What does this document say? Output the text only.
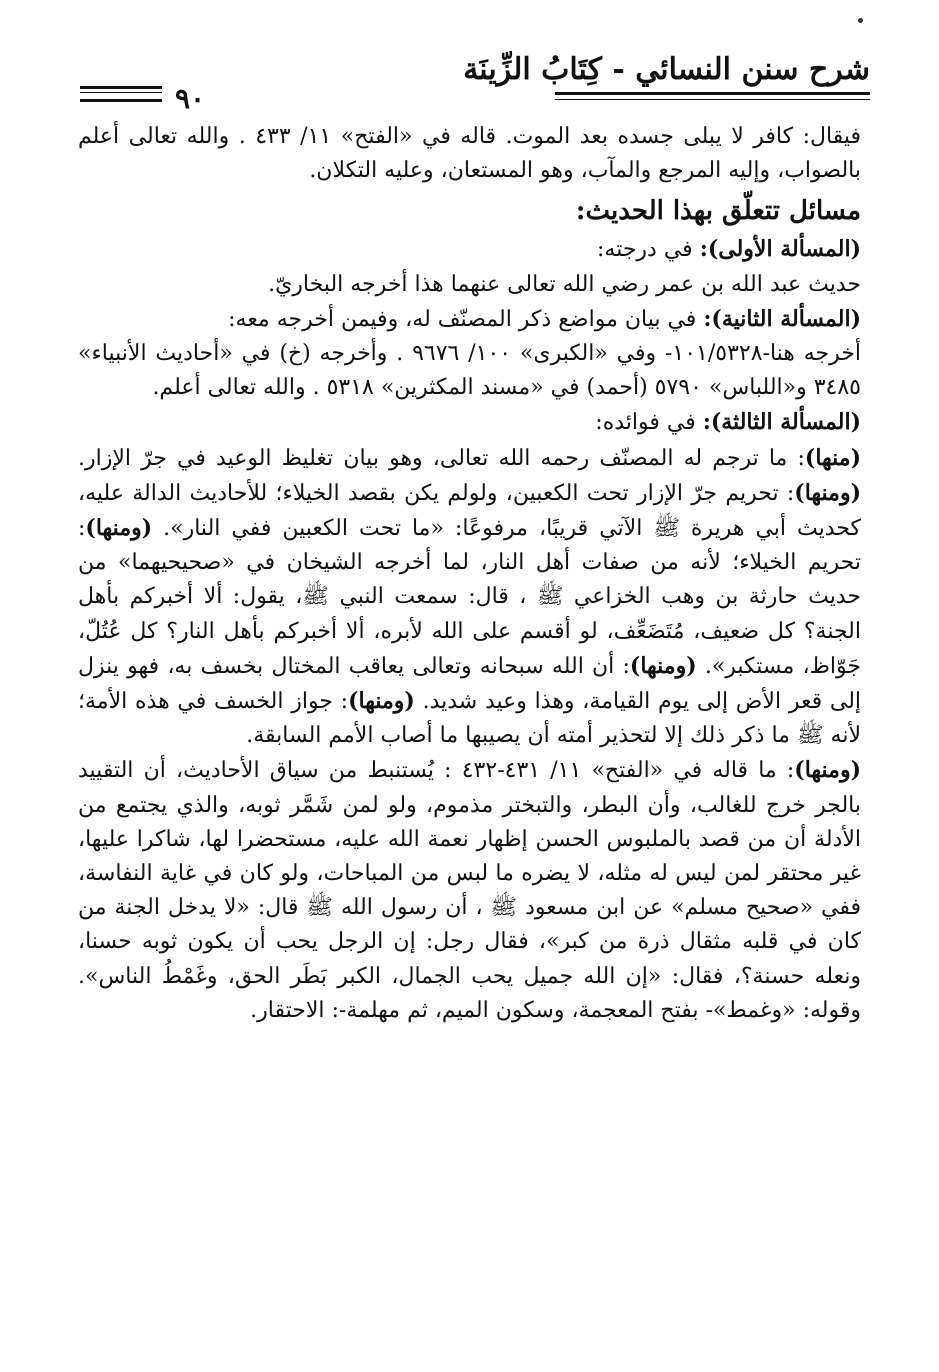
شرح سنن النسائي - كِتَابُ الزِّينَة
٩٠

فيقال: كافر لا يبلى جسده بعد الموت. قاله في «الفتح» ١١/ ٤٣٣ . والله تعالى أعلم بالصواب، وإليه المرجع والمآب، وهو المستعان، وعليه التكلان.

مسائل تتعلّق بهذا الحديث:

(المسألة الأولى): في درجته:

حديث عبد الله بن عمر رضي الله تعالى عنهما هذا أخرجه البخاريّ.

(المسألة الثانية): في بيان مواضع ذكر المصنّف له، وفيمن أخرجه معه:

أخرجه هنا-١٠١/٥٣٢٨- وفي «الكبرى» ١٠٠/ ٩٦٧٦ . وأخرجه (خ) في «أحاديث الأنبياء» ٣٤٨٥ و«اللباس» ٥٧٩٠ (أحمد) في «مسند المكثرين» ٥٣١٨ . والله تعالى أعلم.

(المسألة الثالثة): في فوائده:

(منها): ما ترجم له المصنّف رحمه الله تعالى، وهو بيان تغليظ الوعيد في جرّ الإزار. (ومنها): تحريم جرّ الإزار تحت الكعبين، ولولم يكن بقصد الخيلاء؛ للأحاديث الدالة عليه، كحديث أبي هريرة ﷺ الآتي قريبًا، مرفوعًا: «ما تحت الكعبين ففي النار». (ومنها): تحريم الخيلاء؛ لأنه من صفات أهل النار، لما أخرجه الشيخان في «صحيحيهما» من حديث حارثة بن وهب الخزاعي ﷺ ، قال: سمعت النبي ﷺ، يقول: ألا أخبركم بأهل الجنة؟ كل ضعيف، مُتَضَعِّف، لو أقسم على الله لأبره، ألا أخبركم بأهل النار؟ كل عُتُلّ، جَوّاظ، مستكبر». (ومنها): أن الله سبحانه وتعالى يعاقب المختال بخسف به، فهو ينزل إلى قعر الأض إلى يوم القيامة، وهذا وعيد شديد. (ومنها): جواز الخسف في هذه الأمة؛ لأنه ﷺ ما ذكر ذلك إلا لتحذير أمته أن يصيبها ما أصاب الأمم السابقة.

(ومنها): ما قاله في «الفتح» ١١/ ٤٣١-٤٣٢ : يُستنبط من سياق الأحاديث، أن التقييد بالجر خرج للغالب، وأن البطر، والتبختر مذموم، ولو لمن شَمَّر ثوبه، والذي يجتمع من الأدلة أن من قصد بالملبوس الحسن إظهار نعمة الله عليه، مستحضرا لها، شاكرا عليها، غير محتقر لمن ليس له مثله، لا يضره ما لبس من المباحات، ولو كان في غاية النفاسة، ففي «صحيح مسلم» عن ابن مسعود ﷺ ، أن رسول الله ﷺ قال: «لا يدخل الجنة من كان في قلبه مثقال ذرة من كبر»، فقال رجل: إن الرجل يحب أن يكون ثوبه حسنا، ونعله حسنة؟، فقال: «إن الله جميل يحب الجمال، الكبر بَطَر الحق، وغَمْطُ الناس». وقوله: «وغمط»- بفتح المعجمة، وسكون الميم، ثم مهلمة-: الاحتقار.
